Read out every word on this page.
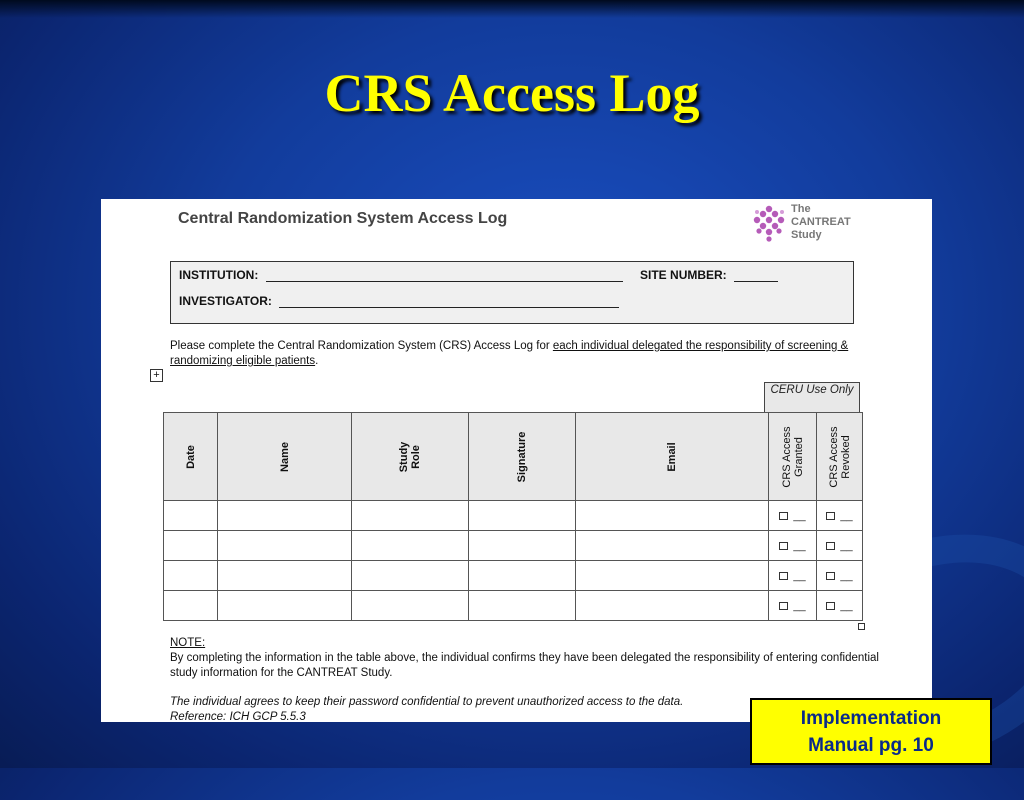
CRS Access Log
Central Randomization System Access Log
The
CANTREAT
Study
INSTITUTION:	SITE NUMBER:
INVESTIGATOR:
Please complete the Central Randomization System (CRS) Access Log for each individual delegated the responsibility of screening & randomizing eligible patients.
+
CERU Use Only
Date	Name	Study Role	Signature	Email	CRS Access Granted	CRS Access Revoked

					__	__
					__	__
					__	__
					__	__
NOTE:
By completing the information in the table above, the individual confirms they have been delegated the responsibility of entering confidential study information for the CANTREAT Study.
The individual agrees to keep their password confidential to prevent unauthorized access to the data.
Reference: ICH GCP 5.5.3	Implementation
Manual pg. 10
